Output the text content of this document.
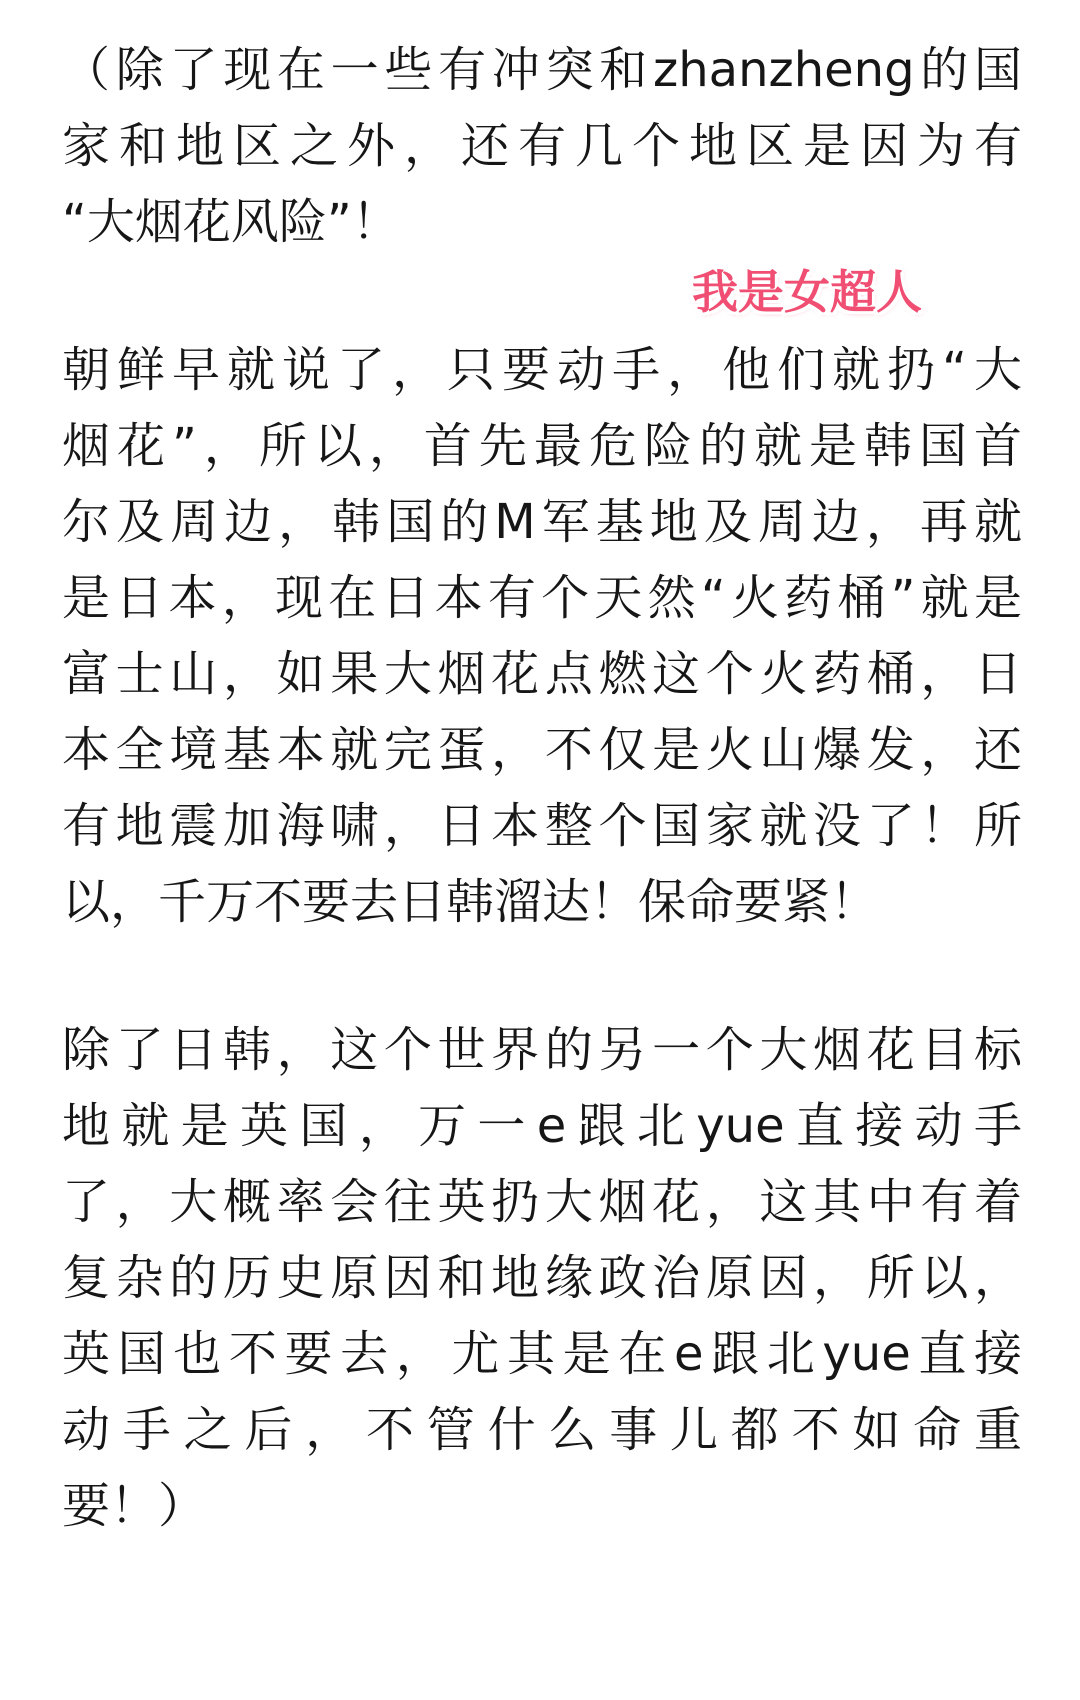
（除了现在一些有冲突和zhanzheng的国
家和地区之外，还有几个地区是因为有
“大烟花风险”！
我是女超人
朝鲜早就说了，只要动手，他们就扔“大
烟花”，所以，首先最危险的就是韩国首
尔及周边，韩国的M军基地及周边，再就
是日本，现在日本有个天然“火药桶”就是
富士山，如果大烟花点燃这个火药桶，日
本全境基本就完蛋，不仅是火山爆发，还
有地震加海啸，日本整个国家就没了！所
以，千万不要去日韩溜达！保命要紧！
除了日韩，这个世界的另一个大烟花目标
地就是英国，万一e跟北yue直接动手
了，大概率会往英扔大烟花，这其中有着
复杂的历史原因和地缘政治原因，所以，
英国也不要去，尤其是在e跟北yue直接
动手之后，不管什么事儿都不如命重
要！）
